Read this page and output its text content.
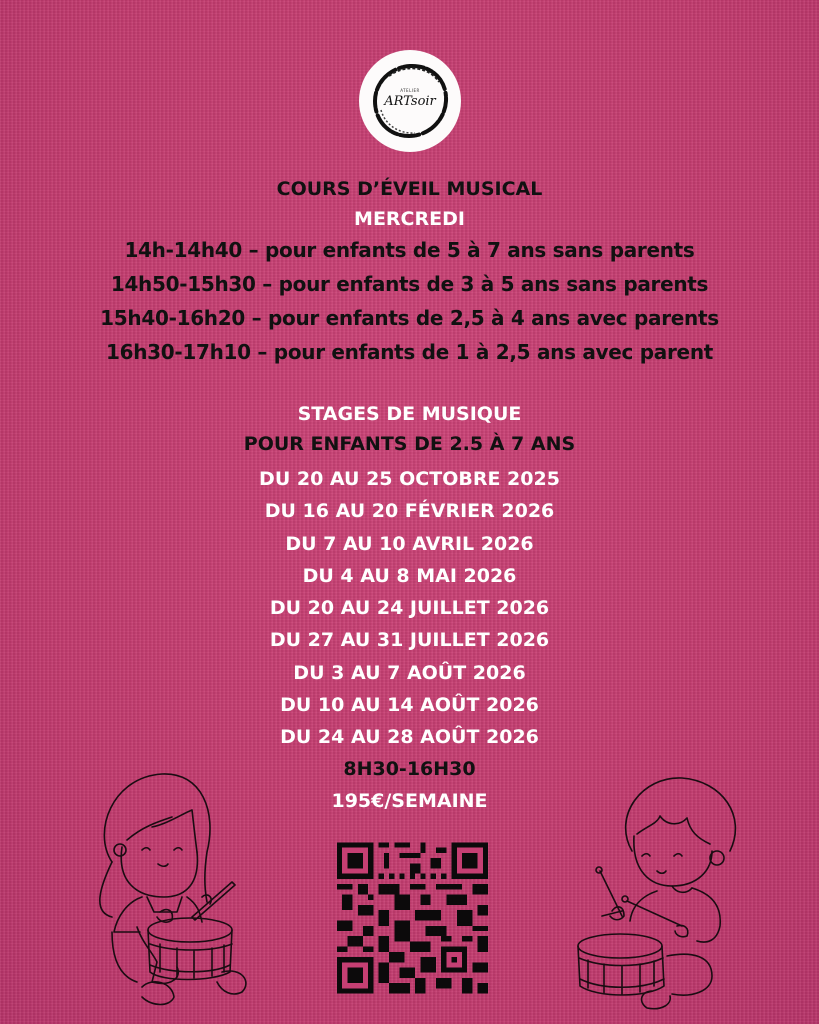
ATELIER
ARTsoir
COURS D’ÉVEIL MUSICAL
MERCREDI
14h-14h40 – pour enfants de 5 à 7 ans sans parents
14h50-15h30 – pour enfants de 3 à 5 ans sans parents
15h40-16h20 – pour enfants de 2,5 à 4 ans avec parents
16h30-17h10 – pour enfants de 1 à 2,5 ans avec parent
STAGES DE MUSIQUE
POUR ENFANTS DE 2.5 À 7 ANS
DU 20 AU 25 OCTOBRE 2025
DU 16 AU 20 FÉVRIER 2026
DU 7 AU 10 AVRIL 2026
DU 4 AU 8 MAI 2026
DU 20 AU 24 JUILLET 2026
DU 27 AU 31 JUILLET 2026
DU 3 AU 7 AOÛT 2026
DU 10 AU 14 AOÛT 2026
DU 24 AU 28 AOÛT 2026
8H30-16H30
195€/SEMAINE
